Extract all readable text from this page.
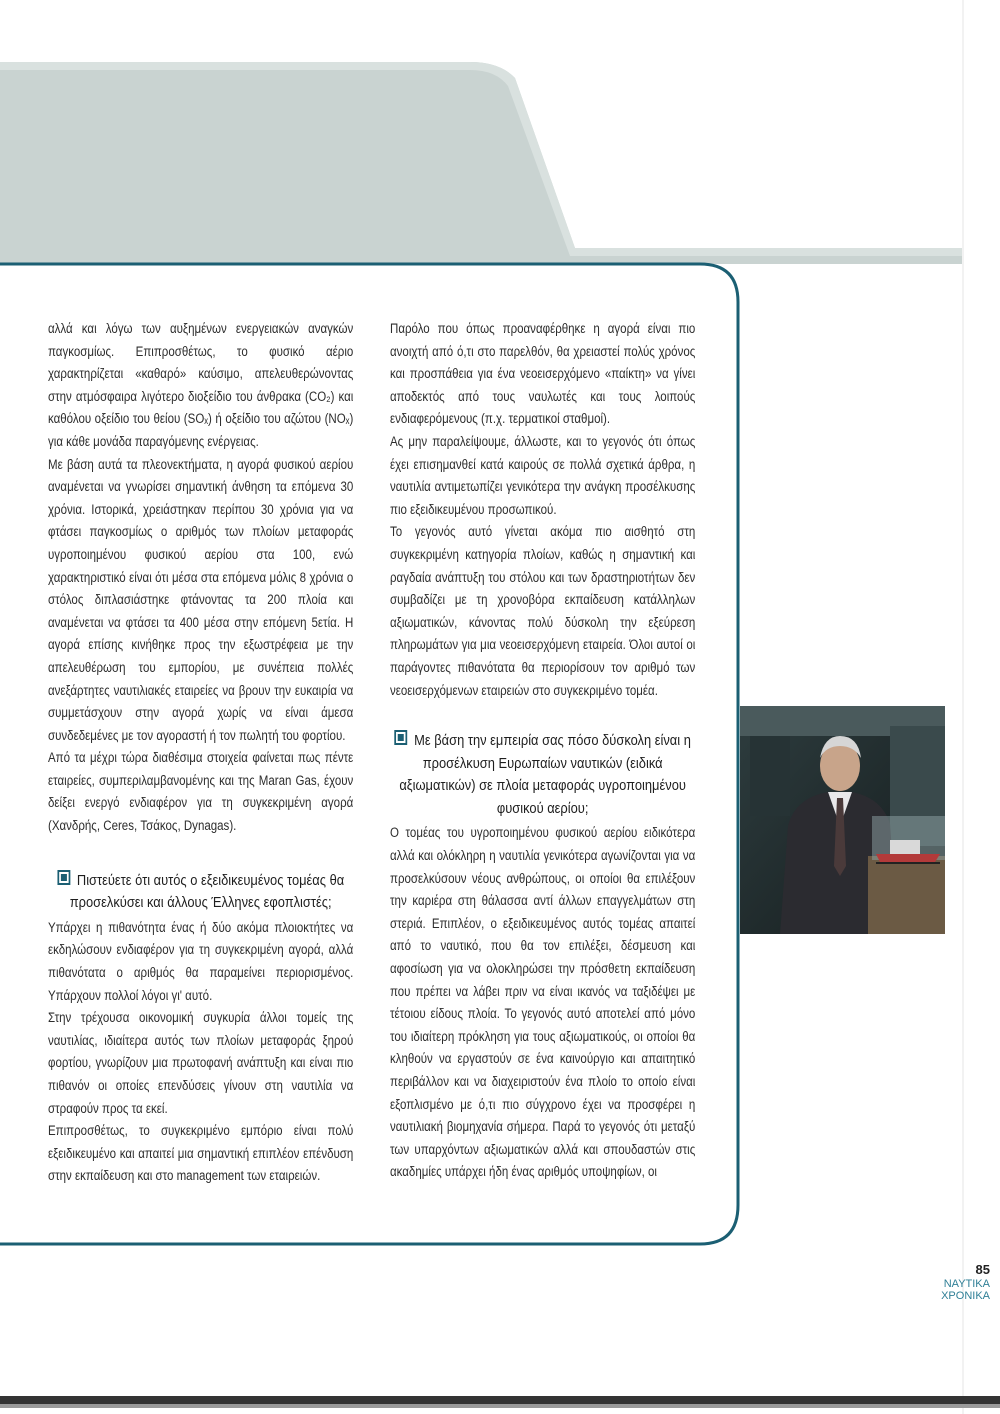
αλλά και λόγω των αυξημένων ενεργειακών αναγκών παγκοσμίως. Επιπροσθέτως, το φυσικό αέριο χαρακτηρίζεται «καθαρό» καύσιμο, απελευθερώνοντας στην ατμόσφαιρα λιγότερο διοξείδιο του άνθρακα (CO₂) και καθόλου οξείδιο του θείου (SOₓ) ή οξείδιο του αζώτου (NOₓ) για κάθε μονάδα παραγόμενης ενέργειας.

Με βάση αυτά τα πλεονεκτήματα, η αγορά φυσικού αερίου αναμένεται να γνωρίσει σημαντική άνθηση τα επόμενα 30 χρόνια. Ιστορικά, χρειάστηκαν περίπου 30 χρόνια για να φτάσει παγκοσμίως ο αριθμός των πλοίων μεταφοράς υγροποιημένου φυσικού αερίου στα 100, ενώ χαρακτηριστικό είναι ότι μέσα στα επόμενα μόλις 8 χρόνια ο στόλος διπλασιάστηκε φτάνοντας τα 200 πλοία και αναμένεται να φτάσει τα 400 μέσα στην επόμενη 5ετία. Η αγορά επίσης κινήθηκε προς την εξωστρέφεια με την απελευθέρωση του εμπορίου, με συνέπεια πολλές ανεξάρτητες ναυτιλιακές εταιρείες να βρουν την ευκαιρία να συμμετάσχουν στην αγορά χωρίς να είναι άμεσα συνδεδεμένες με τον αγοραστή ή τον πωλητή του φορτίου.

Από τα μέχρι τώρα διαθέσιμα στοιχεία φαίνεται πως πέντε εταιρείες, συμπεριλαμβανομένης και της Maran Gas, έχουν δείξει ενεργό ενδιαφέρον για τη συγκεκριμένη αγορά (Χανδρής, Ceres, Τσάκος, Dynagas).

Πιστεύετε ότι αυτός ο εξειδικευμένος τομέας θα προσελκύσει και άλλους Έλληνες εφοπλιστές;

Υπάρχει η πιθανότητα ένας ή δύο ακόμα πλοιοκτήτες να εκδηλώσουν ενδιαφέρον για τη συγκεκριμένη αγορά, αλλά πιθανότατα ο αριθμός θα παραμείνει περιορισμένος. Υπάρχουν πολλοί λόγοι γι' αυτό.

Στην τρέχουσα οικονομική συγκυρία άλλοι τομείς της ναυτιλίας, ιδιαίτερα αυτός των πλοίων μεταφοράς ξηρού φορτίου, γνωρίζουν μια πρωτοφανή ανάπτυξη και είναι πιο πιθανόν οι οποίες επενδύσεις γίνουν στη ναυτιλία να στραφούν προς τα εκεί.

Επιπροσθέτως, το συγκεκριμένο εμπόριο είναι πολύ εξειδικευμένο και απαιτεί μια σημαντική επιπλέον επένδυση στην εκπαίδευση και στο management των εταιρειών.

Παρόλο που όπως προαναφέρθηκε η αγορά είναι πιο ανοιχτή από ό,τι στο παρελθόν, θα χρειαστεί πολύς χρόνος και προσπάθεια για ένα νεοεισερχόμενο «παίκτη» να γίνει αποδεκτός από τους ναυλωτές και τους λοιπούς ενδιαφερόμενους (π.χ. τερματικοί σταθμοί).

Ας μην παραλείψουμε, άλλωστε, και το γεγονός ότι όπως έχει επισημανθεί κατά καιρούς σε πολλά σχετικά άρθρα, η ναυτιλία αντιμετωπίζει γενικότερα την ανάγκη προσέλκυσης πιο εξειδικευμένου προσωπικού.

Το γεγονός αυτό γίνεται ακόμα πιο αισθητό στη συγκεκριμένη κατηγορία πλοίων, καθώς η σημαντική και ραγδαία ανάπτυξη του στόλου και των δραστηριοτήτων δεν συμβαδίζει με τη χρονοβόρα εκπαίδευση κατάλληλων αξιωματικών, κάνοντας πολύ δύσκολη την εξεύρεση πληρωμάτων για μια νεοεισερχόμενη εταιρεία. Όλοι αυτοί οι παράγοντες πιθανότατα θα περιορίσουν τον αριθμό των νεοεισερχόμενων εταιρειών στο συγκεκριμένο τομέα.

Με βάση την εμπειρία σας πόσο δύσκολη είναι η προσέλκυση Ευρωπαίων ναυτικών (ειδικά αξιωματικών) σε πλοία μεταφοράς υγροποιημένου φυσικού αερίου;

Ο τομέας του υγροποιημένου φυσικού αερίου ειδικότερα αλλά και ολόκληρη η ναυτιλία γενικότερα αγωνίζονται για να προσελκύσουν νέους ανθρώπους, οι οποίοι θα επιλέξουν την καριέρα στη θάλασσα αντί άλλων επαγγελμάτων στη στεριά. Επιπλέον, ο εξειδικευμένος αυτός τομέας απαιτεί από το ναυτικό, που θα τον επιλέξει, δέσμευση και αφοσίωση για να ολοκληρώσει την πρόσθετη εκπαίδευση που πρέπει να λάβει πριν να είναι ικανός να ταξιδέψει με τέτοιου είδους πλοία. Το γεγονός αυτό αποτελεί από μόνο του ιδιαίτερη πρόκληση για τους αξιωματικούς, οι οποίοι θα κληθούν να εργαστούν σε ένα καινούργιο και απαιτητικό περιβάλλον και να διαχειριστούν ένα πλοίο το οποίο είναι εξοπλισμένο με ό,τι πιο σύγχρονο έχει να προσφέρει η ναυτιλιακή βιομηχανία σήμερα. Παρά το γεγονός ότι μεταξύ των υπαρχόντων αξιωματικών αλλά και σπουδαστών στις ακαδημίες υπάρχει ήδη ένας αριθμός υποψηφίων, οι

85
ΝΑΥΤΙΚΑ
ΧΡΟΝΙΚΑ
